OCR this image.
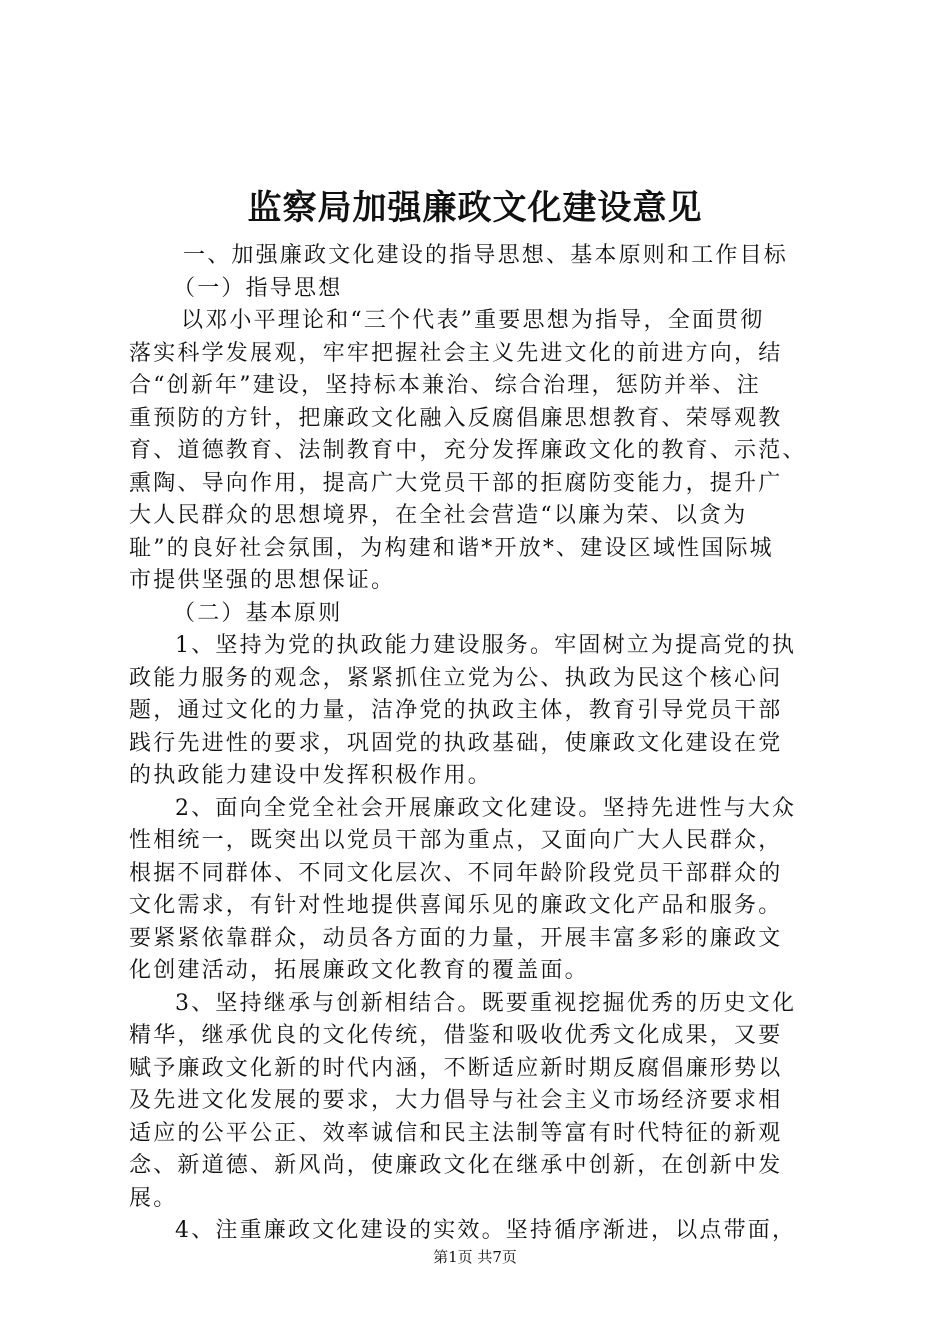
监察局加强廉政文化建设意见
一、加强廉政文化建设的指导思想、基本原则和工作目标
（一）指导思想
以邓小平理论和“三个代表”重要思想为指导，全面贯彻
落实科学发展观，牢牢把握社会主义先进文化的前进方向，结
合“创新年”建设，坚持标本兼治、综合治理，惩防并举、注
重预防的方针，把廉政文化融入反腐倡廉思想教育、荣辱观教
育、道德教育、法制教育中，充分发挥廉政文化的教育、示范、
熏陶、导向作用，提高广大党员干部的拒腐防变能力，提升广
大人民群众的思想境界，在全社会营造“以廉为荣、以贪为
耻”的良好社会氛围，为构建和谐*开放*、建设区域性国际城
市提供坚强的思想保证。
（二）基本原则
1、坚持为党的执政能力建设服务。牢固树立为提高党的执
政能力服务的观念，紧紧抓住立党为公、执政为民这个核心问
题，通过文化的力量，洁净党的执政主体，教育引导党员干部
践行先进性的要求，巩固党的执政基础，使廉政文化建设在党
的执政能力建设中发挥积极作用。
2、面向全党全社会开展廉政文化建设。坚持先进性与大众
性相统一，既突出以党员干部为重点，又面向广大人民群众，
根据不同群体、不同文化层次、不同年龄阶段党员干部群众的
文化需求，有针对性地提供喜闻乐见的廉政文化产品和服务。
要紧紧依靠群众，动员各方面的力量，开展丰富多彩的廉政文
化创建活动，拓展廉政文化教育的覆盖面。
3、坚持继承与创新相结合。既要重视挖掘优秀的历史文化
精华，继承优良的文化传统，借鉴和吸收优秀文化成果，又要
赋予廉政文化新的时代内涵，不断适应新时期反腐倡廉形势以
及先进文化发展的要求，大力倡导与社会主义市场经济要求相
适应的公平公正、效率诚信和民主法制等富有时代特征的新观
念、新道德、新风尚，使廉政文化在继承中创新，在创新中发
展。
4、注重廉政文化建设的实效。坚持循序渐进，以点带面，
第1页 共7页
